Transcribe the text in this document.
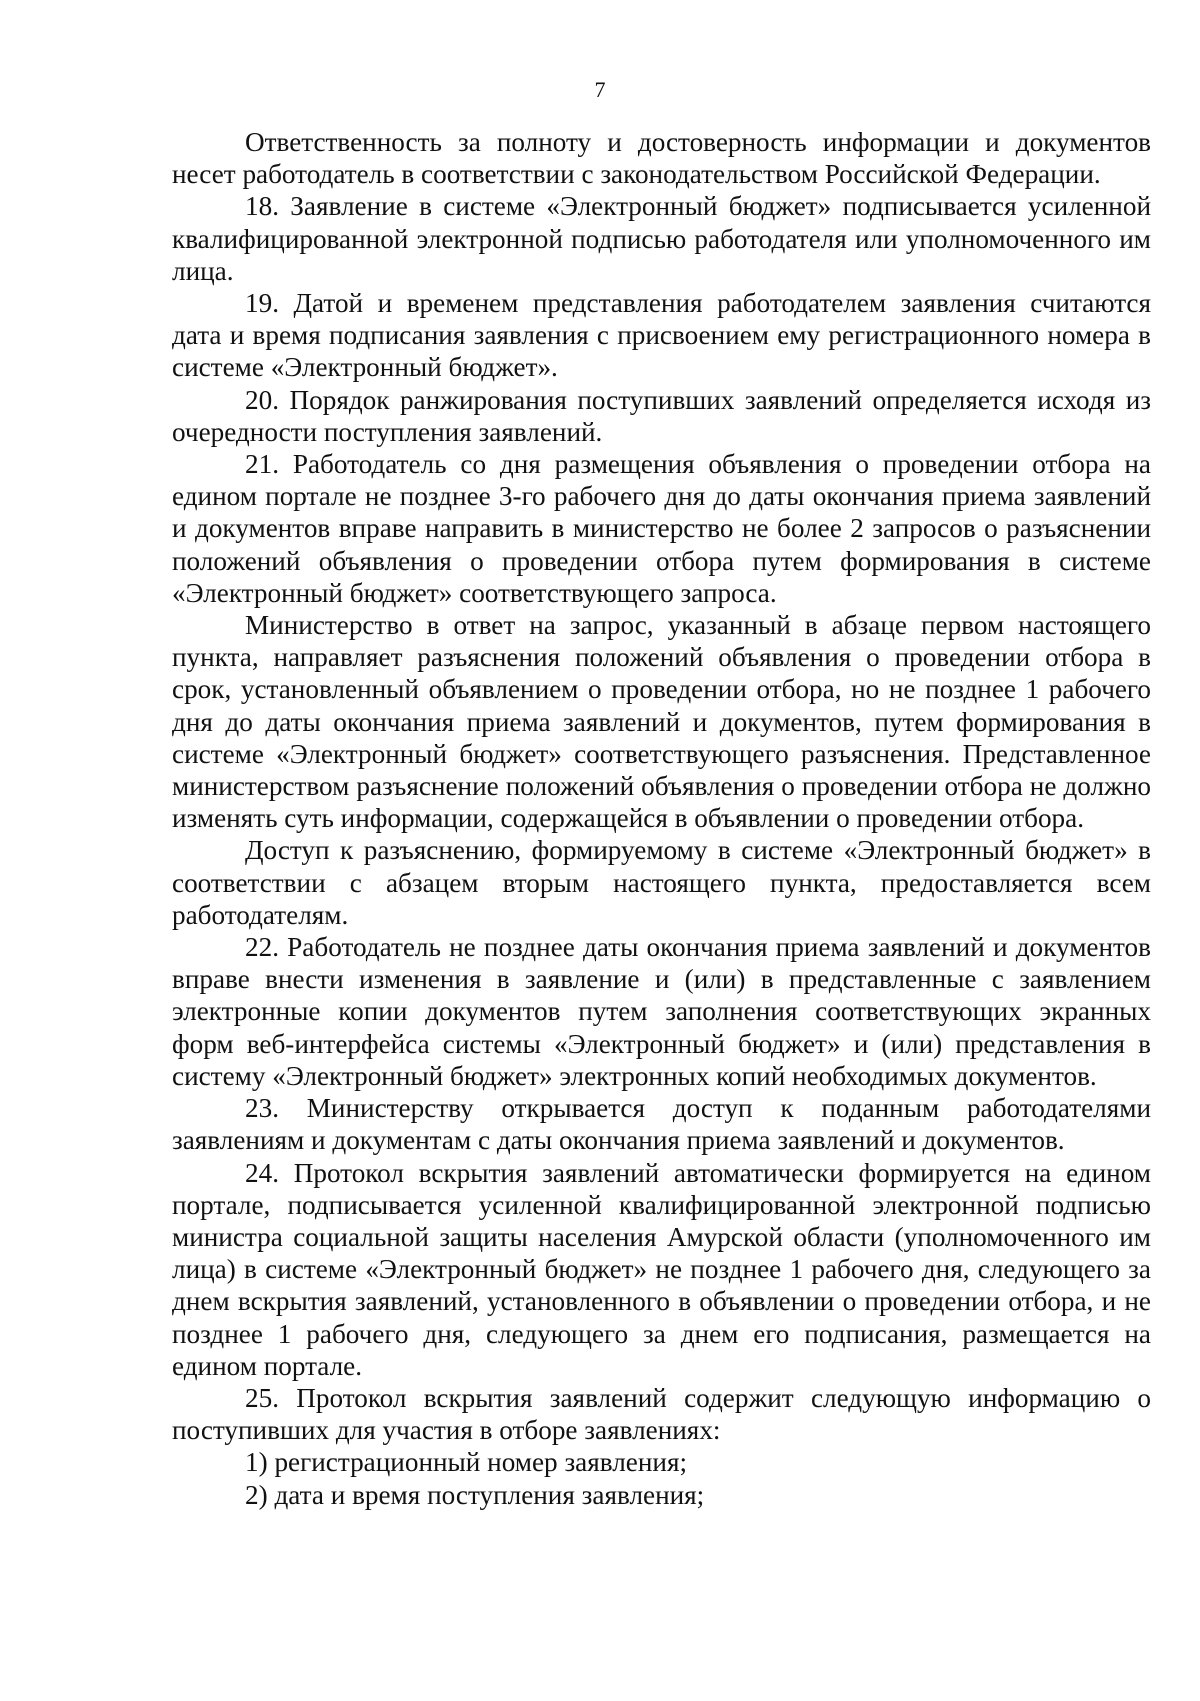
7

Ответственность за полноту и достоверность информации и документов несет работодатель в соответствии с законодательством Российской Федерации.

18. Заявление в системе «Электронный бюджет» подписывается усиленной квалифицированной электронной подписью работодателя или уполномоченного им лица.

19. Датой и временем представления работодателем заявления считаются дата и время подписания заявления с присвоением ему регистрационного номера в системе «Электронный бюджет».

20. Порядок ранжирования поступивших заявлений определяется исходя из очередности поступления заявлений.

21. Работодатель со дня размещения объявления о проведении отбора на едином портале не позднее 3-го рабочего дня до даты окончания приема заявлений и документов вправе направить в министерство не более 2 запросов о разъяснении положений объявления о проведении отбора путем формирования в системе «Электронный бюджет» соответствующего запроса.

Министерство в ответ на запрос, указанный в абзаце первом настоящего пункта, направляет разъяснения положений объявления о проведении отбора в срок, установленный объявлением о проведении отбора, но не позднее 1 рабочего дня до даты окончания приема заявлений и документов, путем формирования в системе «Электронный бюджет» соответствующего разъяснения. Представленное министерством разъяснение положений объявления о проведении отбора не должно изменять суть информации, содержащейся в объявлении о проведении отбора.

Доступ к разъяснению, формируемому в системе «Электронный бюджет» в соответствии с абзацем вторым настоящего пункта, предоставляется всем работодателям.

22. Работодатель не позднее даты окончания приема заявлений и документов вправе внести изменения в заявление и (или) в представленные с заявлением электронные копии документов путем заполнения соответствующих экранных форм веб-интерфейса системы «Электронный бюджет» и (или) представления в систему «Электронный бюджет» электронных копий необходимых документов.

23. Министерству открывается доступ к поданным работодателями заявлениям и документам с даты окончания приема заявлений и документов.

24. Протокол вскрытия заявлений автоматически формируется на едином портале, подписывается усиленной квалифицированной электронной подписью министра социальной защиты населения Амурской области (уполномоченного им лица) в системе «Электронный бюджет» не позднее 1 рабочего дня, следующего за днем вскрытия заявлений, установленного в объявлении о проведении отбора, и не позднее 1 рабочего дня, следующего за днем его подписания, размещается на едином портале.

25. Протокол вскрытия заявлений содержит следующую информацию о поступивших для участия в отборе заявлениях:

1) регистрационный номер заявления;

2) дата и время поступления заявления;
